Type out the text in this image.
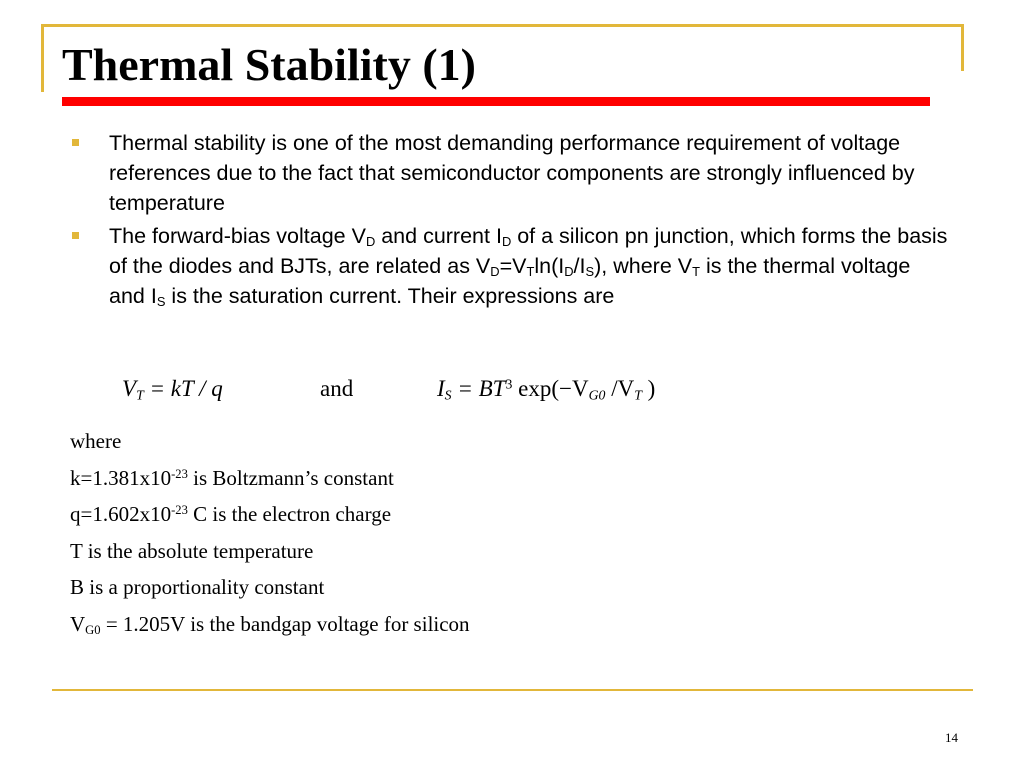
Thermal Stability (1)
Thermal stability is one of the most demanding performance requirement of voltage references due to the fact that semiconductor components are strongly influenced by temperature
The forward-bias voltage $V_D$ and current $I_D$ of a silicon pn junction, which forms the basis of the diodes and BJTs, are related as $V_D=V_T\ln(I_D/I_S)$, where $V_T$ is the thermal voltage and $I_S$ is the saturation current. Their expressions are
$V_T$ = kT / q	and	$I_S = BT^3$ $\exp(-V_{G0}$ $/V_T$ )
where
$k=1.381x10^{-23}$ is Boltzmann’s constant
$q=1.602x10^{-23}$ C is the electron charge
T is the absolute temperature
B is a proportionality constant
$V_{G0} = 1.205V$ is the bandgap voltage for silicon
14
